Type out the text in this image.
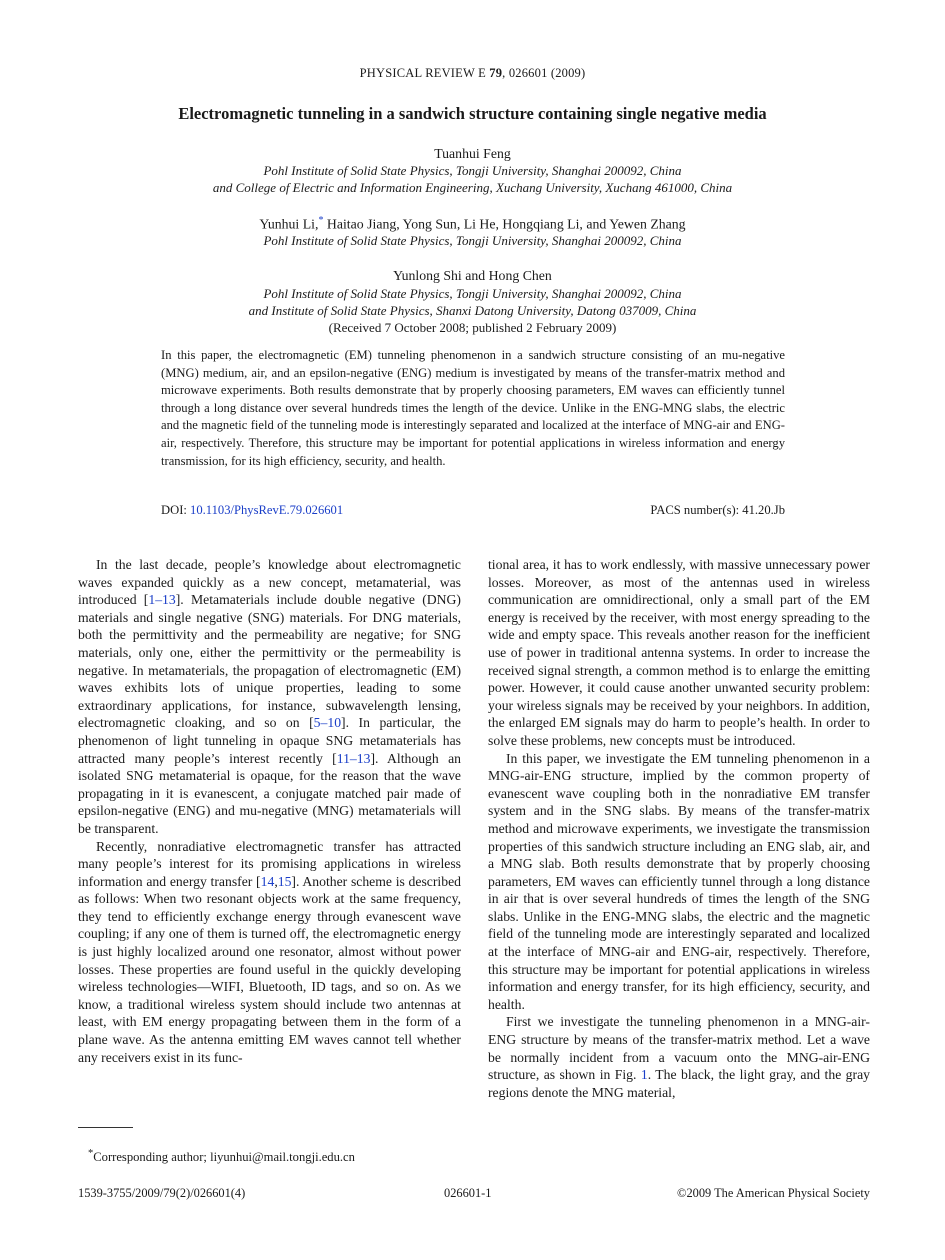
PHYSICAL REVIEW E 79, 026601 (2009)
Electromagnetic tunneling in a sandwich structure containing single negative media
Tuanhui Feng
Pohl Institute of Solid State Physics, Tongji University, Shanghai 200092, China
and College of Electric and Information Engineering, Xuchang University, Xuchang 461000, China
Yunhui Li,* Haitao Jiang, Yong Sun, Li He, Hongqiang Li, and Yewen Zhang
Pohl Institute of Solid State Physics, Tongji University, Shanghai 200092, China
Yunlong Shi and Hong Chen
Pohl Institute of Solid State Physics, Tongji University, Shanghai 200092, China
and Institute of Solid State Physics, Shanxi Datong University, Datong 037009, China
(Received 7 October 2008; published 2 February 2009)

In this paper, the electromagnetic (EM) tunneling phenomenon in a sandwich structure consisting of an mu-negative (MNG) medium, air, and an epsilon-negative (ENG) medium is investigated by means of the transfer-matrix method and microwave experiments. Both results demonstrate that by properly choosing parameters, EM waves can efficiently tunnel through a long distance over several hundreds times the length of the device. Unlike in the ENG-MNG slabs, the electric and the magnetic field of the tunneling mode is interestingly separated and localized at the interface of MNG-air and ENG-air, respectively. Therefore, this structure may be important for potential applications in wireless information and energy transmission, for its high efficiency, security, and health.

DOI: 10.1103/PhysRevE.79.026601	PACS number(s): 41.20.Jb

In the last decade, people’s knowledge about electromagnetic waves expanded quickly as a new concept, metamaterial, was introduced [1–13]. Metamaterials include double negative (DNG) materials and single negative (SNG) materials. For DNG materials, both the permittivity and the permeability are negative; for SNG materials, only one, either the permittivity or the permeability is negative. In metamaterials, the propagation of electromagnetic (EM) waves exhibits lots of unique properties, leading to some extraordinary applications, for instance, subwavelength lensing, electromagnetic cloaking, and so on [5–10]. In particular, the phenomenon of light tunneling in opaque SNG metamaterials has attracted many people’s interest recently [11–13]. Although an isolated SNG metamaterial is opaque, for the reason that the wave propagating in it is evanescent, a conjugate matched pair made of epsilon-negative (ENG) and mu-negative (MNG) metamaterials will be transparent.

Recently, nonradiative electromagnetic transfer has attracted many people’s interest for its promising applications in wireless information and energy transfer [14,15]. Another scheme is described as follows: When two resonant objects work at the same frequency, they tend to efficiently exchange energy through evanescent wave coupling; if any one of them is turned off, the electromagnetic energy is just highly localized around one resonator, almost without power losses. These properties are found useful in the quickly developing wireless technologies—WIFI, Bluetooth, ID tags, and so on. As we know, a traditional wireless system should include two antennas at least, with EM energy propagating between them in the form of a plane wave. As the antenna emitting EM waves cannot tell whether any receivers exist in its func-

tional area, it has to work endlessly, with massive unnecessary power losses. Moreover, as most of the antennas used in wireless communication are omnidirectional, only a small part of the EM energy is received by the receiver, with most energy spreading to the wide and empty space. This reveals another reason for the inefficient use of power in traditional antenna systems. In order to increase the received signal strength, a common method is to enlarge the emitting power. However, it could cause another unwanted security problem: your wireless signals may be received by your neighbors. In addition, the enlarged EM signals may do harm to people’s health. In order to solve these problems, new concepts must be introduced.

In this paper, we investigate the EM tunneling phenomenon in a MNG-air-ENG structure, implied by the common property of evanescent wave coupling both in the nonradiative EM transfer system and in the SNG slabs. By means of the transfer-matrix method and microwave experiments, we investigate the transmission properties of this sandwich structure including an ENG slab, air, and a MNG slab. Both results demonstrate that by properly choosing parameters, EM waves can efficiently tunnel through a long distance in air that is over several hundreds of times the length of the SNG slabs. Unlike in the ENG-MNG slabs, the electric and the magnetic field of the tunneling mode are interestingly separated and localized at the interface of MNG-air and ENG-air, respectively. Therefore, this structure may be important for potential applications in wireless information and energy transfer, for its high efficiency, security, and health.

First we investigate the tunneling phenomenon in a MNG-air-ENG structure by means of the transfer-matrix method. Let a wave be normally incident from a vacuum onto the MNG-air-ENG structure, as shown in Fig. 1. The black, the light gray, and the gray regions denote the MNG material,

*Corresponding author; liyunhui@mail.tongji.edu.cn
1539-3755/2009/79(2)/026601(4)	026601-1	©2009 The American Physical Society
